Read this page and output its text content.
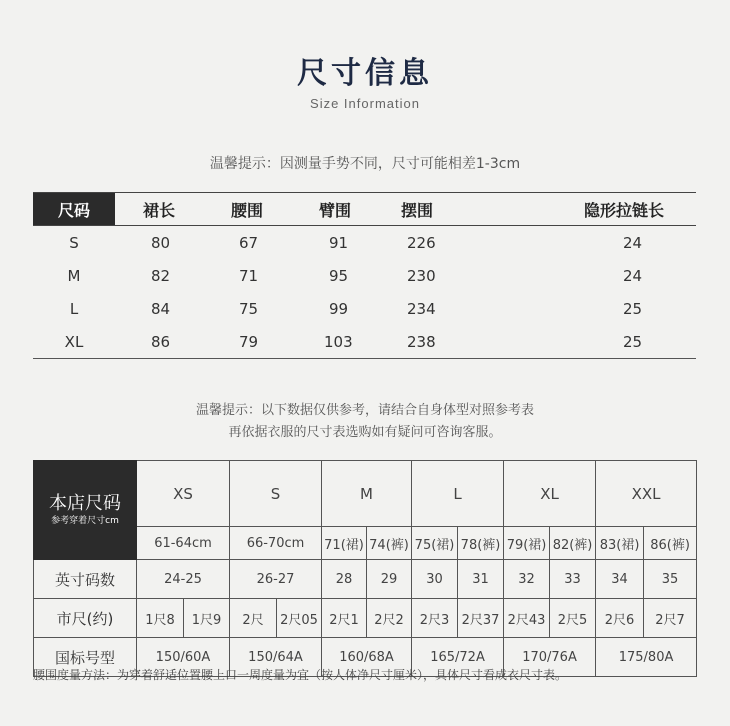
尺寸信息
Size Information
温馨提示：因测量手势不同，尺寸可能相差1-3cm
尺码	裙长	腰围	臂围	摆围	隐形拉链长
S	80	67	91	226	24
M	82	71	95	230	24
L	84	75	99	234	25
XL	86	79	103	238	25
温馨提示：以下数据仅供参考，请结合自身体型对照参考表
再依据衣服的尺寸表选购如有疑问可咨询客服。
本店尺码
参考穿着尺寸cm	XS		S		M		L		XL		XXL	
	61-64cm		66-70cm		71(裙)	74(裤)	75(裙)	78(裤)	79(裙)	82(裤)	83(裙)	86(裤)
英寸码数	24-25		26-27		28	29	30	31	32	33	34	35
市尺(约)	1尺8	1尺9	2尺	2尺05	2尺1	2尺2	2尺3	2尺37	2尺43	2尺5	2尺6	2尺7
国标号型	150/60A		150/64A		160/68A		165/72A		170/76A		175/80A	
腰围度量方法：为穿着舒适位置腰上口一周度量为宜（按人体净尺寸厘米），具体尺寸看成衣尺寸表。
